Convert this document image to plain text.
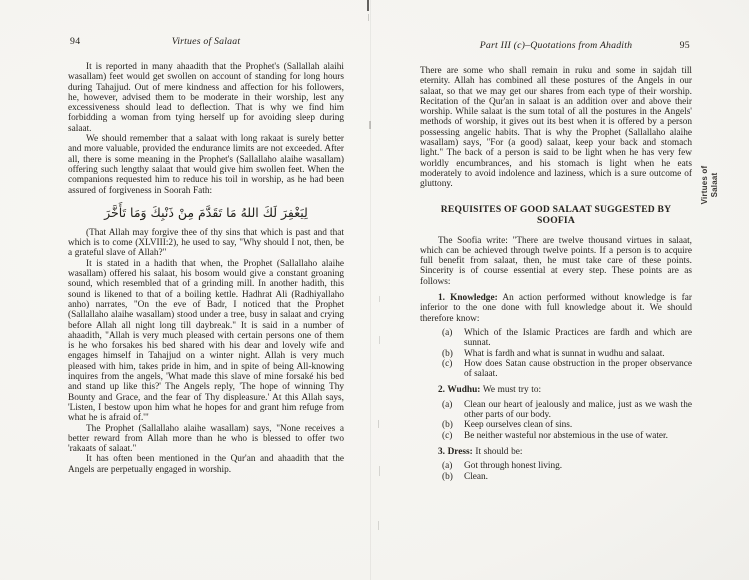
94	Virtues of Salaat

It is reported in many ahaadith that the Prophet's (Sallallah alaihi wasallam) feet would get swollen on account of standing for long hours during Tahajjud. Out of mere kindness and affection for his followers, he, however, advised them to be moderate in their worship, lest any excessiveness should lead to deflection. That is why we find him forbidding a woman from tying herself up for avoiding sleep during salaat.

We should remember that a salaat with long rakaat is surely better and more valuable, provided the endurance limits are not exceeded. After all, there is some meaning in the Prophet's (Sallallaho alaihe wasallam) offering such lengthy salaat that would give him swollen feet. When the companions requested him to reduce his toil in worship, as he had been assured of forgiveness in Soorah Fath:

لِيَغْفِرَ لَكَ اللهُ مَا تَقَدَّمَ مِنْ ذَنْبِكَ وَمَا تَأَخَّرَ

(That Allah may forgive thee of thy sins that which is past and that which is to come (XLVIII:2), he used to say, "Why should I not, then, be a grateful slave of Allah?"

It is stated in a hadith that when, the Prophet (Sallallaho alaihe wasallam) offered his salaat, his bosom would give a constant groaning sound, which resembled that of a grinding mill. In another hadith, this sound is likened to that of a boiling kettle. Hadhrat Ali (Radhiyallaho anho) narrates, "On the eve of Badr, I noticed that the Prophet (Sallallaho alaihe wasallam) stood under a tree, busy in salaat and crying before Allah all night long till daybreak." It is said in a number of ahaadith, "Allah is very much pleased with certain persons one of them is he who forsakes his bed shared with his dear and lovely wife and engages himself in Tahajjud on a winter night. Allah is very much pleased with him, takes pride in him, and in spite of being All-knowing inquires from the angels, 'What made this slave of mine forsaké his bed and stand up like this?' The Angels reply, 'The hope of winning Thy Bounty and Grace, and the fear of Thy displeasure.' At this Allah says, 'Listen, I bestow upon him what he hopes for and grant him refuge from what he is afraid of.'"

The Prophet (Sallallaho alaihe wasallam) says, "None receives a better reward from Allah more than he who is blessed to offer two 'rakaats of salaat."

It has often been mentioned in the Qur'an and ahaadith that the Angels are perpetually engaged in worship.

Part III (c)–Quotations from Ahadith	95

There are some who shall remain in ruku and some in sajdah till eternity. Allah has combined all these postures of the Angels in our salaat, so that we may get our shares from each type of their worship. Recitation of the Qur'an in salaat is an addition over and above their worship. While salaat is the sum total of all the postures in the Angels' methods of worship, it gives out its best when it is offered by a person possessing angelic habits. That is why the Prophet (Sallallaho alaihe wasallam) says, "For (a good) salaat, keep your back and stomach light." The back of a person is said to be light when he has very few worldly encumbrances, and his stomach is light when he eats moderately to avoid indolence and laziness, which is a sure outcome of gluttony.

REQUISITES OF GOOD SALAAT SUGGESTED BY SOOFIA

The Soofia write: "There are twelve thousand virtues in salaat, which can be achieved through twelve points. If a person is to acquire full benefit from salaat, then, he must take care of these points. Sincerity is of course essential at every step. These points are as follows:

1. Knowledge: An action performed without knowledge is far inferior to the one done with full knowledge about it. We should therefore know:

(a)	Which of the Islamic Practices are fardh and which are sunnat.
(b)	What is fardh and what is sunnat in wudhu and salaat.
(c)	How does Satan cause obstruction in the proper observance of salaat.

2. Wudhu: We must try to:

(a)	Clean our heart of jealously and malice, just as we wash the other parts of our body.
(b)	Keep ourselves clean of sins.
(c)	Be neither wasteful nor abstemious in the use of water.

3. Dress: It should be:

(a)	Got through honest living.
(b)	Clean.
Virtues of Salaat
